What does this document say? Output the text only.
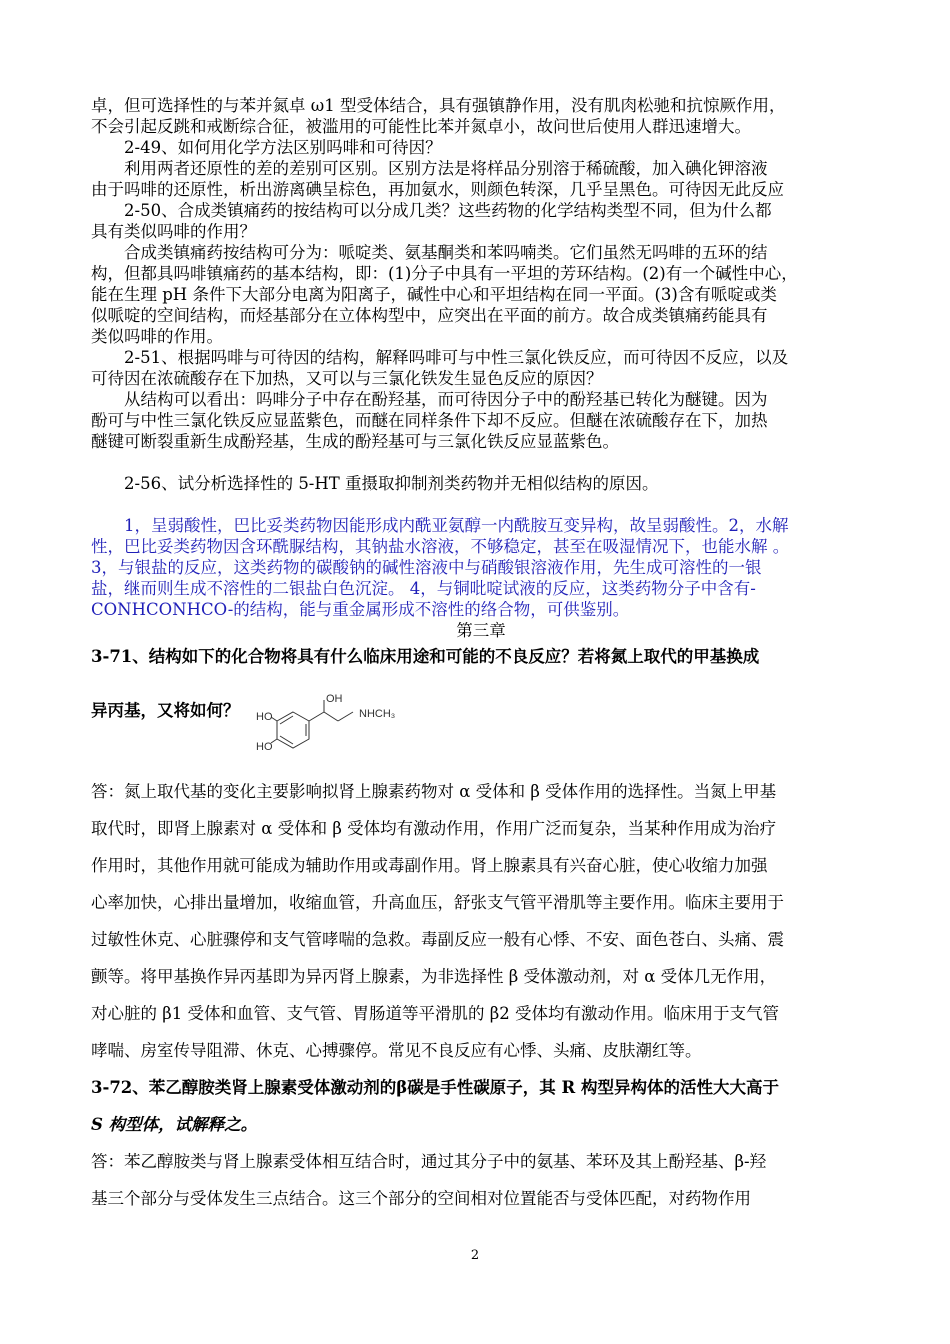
卓，但可选择性的与苯并氮卓 ω1 型受体结合，具有强镇静作用，没有肌肉松驰和抗惊厥作用，

不会引起反跳和戒断综合征，被滥用的可能性比苯并氮卓小，故问世后使用人群迅速增大。

2-49、如何用化学方法区别吗啡和可待因？

利用两者还原性的差的差别可区别。区别方法是将样品分别溶于稀硫酸，加入碘化钾溶液

由于吗啡的还原性，析出游离碘呈棕色，再加氨水，则颜色转深，几乎呈黑色。可待因无此反应

2-50、合成类镇痛药的按结构可以分成几类？这些药物的化学结构类型不同，但为什么都

具有类似吗啡的作用？

合成类镇痛药按结构可分为：哌啶类、氨基酮类和苯吗喃类。它们虽然无吗啡的五环的结

构，但都具吗啡镇痛药的基本结构，即：(1)分子中具有一平坦的芳环结构。(2)有一个碱性中心，

能在生理 pH 条件下大部分电离为阳离子，碱性中心和平坦结构在同一平面。(3)含有哌啶或类

似哌啶的空间结构，而烃基部分在立体构型中，应突出在平面的前方。故合成类镇痛药能具有

类似吗啡的作用。

2-51、根据吗啡与可待因的结构，解释吗啡可与中性三氯化铁反应，而可待因不反应，以及

可待因在浓硫酸存在下加热，又可以与三氯化铁发生显色反应的原因？

从结构可以看出：吗啡分子中存在酚羟基，而可待因分子中的酚羟基已转化为醚键。因为

酚可与中性三氯化铁反应显蓝紫色，而醚在同样条件下却不反应。但醚在浓硫酸存在下，加热

醚键可断裂重新生成酚羟基，生成的酚羟基可与三氯化铁反应显蓝紫色。

2-56、试分析选择性的 5-HT 重摄取抑制剂类药物并无相似结构的原因。

1，呈弱酸性，巴比妥类药物因能形成内酰亚氨醇一内酰胺互变异构，故呈弱酸性。2，水解

性，巴比妥类药物因含环酰脲结构，其钠盐水溶液，不够稳定，甚至在吸湿情况下，也能水解 。

3，与银盐的反应，这类药物的碳酸钠的碱性溶液中与硝酸银溶液作用，先生成可溶性的一银

盐，继而则生成不溶性的二银盐白色沉淀。 4，与铜吡啶试液的反应，这类药物分子中含有-

CONHCONHCO-的结构，能与重金属形成不溶性的络合物，可供鉴别。

第三章

3-71、结构如下的化合物将具有什么临床用途和可能的不良反应？若将氮上取代的甲基换成

异丙基，又将如何？

答：氮上取代基的变化主要影响拟肾上腺素药物对 α 受体和 β 受体作用的选择性。当氮上甲基

取代时，即肾上腺素对 α 受体和 β 受体均有激动作用，作用广泛而复杂，当某种作用成为治疗

作用时，其他作用就可能成为辅助作用或毒副作用。肾上腺素具有兴奋心脏，使心收缩力加强

心率加快，心排出量增加，收缩血管，升高血压，舒张支气管平滑肌等主要作用。临床主要用于

过敏性休克、心脏骤停和支气管哮喘的急救。毒副反应一般有心悸、不安、面色苍白、头痛、震

颤等。将甲基换作异丙基即为异丙肾上腺素，为非选择性 β 受体激动剂，对 α 受体几无作用，

对心脏的 β1 受体和血管、支气管、胃肠道等平滑肌的 β2 受体均有激动作用。临床用于支气管

哮喘、房室传导阻滞、休克、心搏骤停。常见不良反应有心悸、头痛、皮肤潮红等。

3-72、苯乙醇胺类肾上腺素受体激动剂的β碳是手性碳原子，其 R 构型异构体的活性大大高于

S 构型体，试解释之。

答：苯乙醇胺类与肾上腺素受体相互结合时，通过其分子中的氨基、苯环及其上酚羟基、β-羟

基三个部分与受体发生三点结合。这三个部分的空间相对位置能否与受体匹配，对药物作用

OH
HO
HO
NHCH₃
2
